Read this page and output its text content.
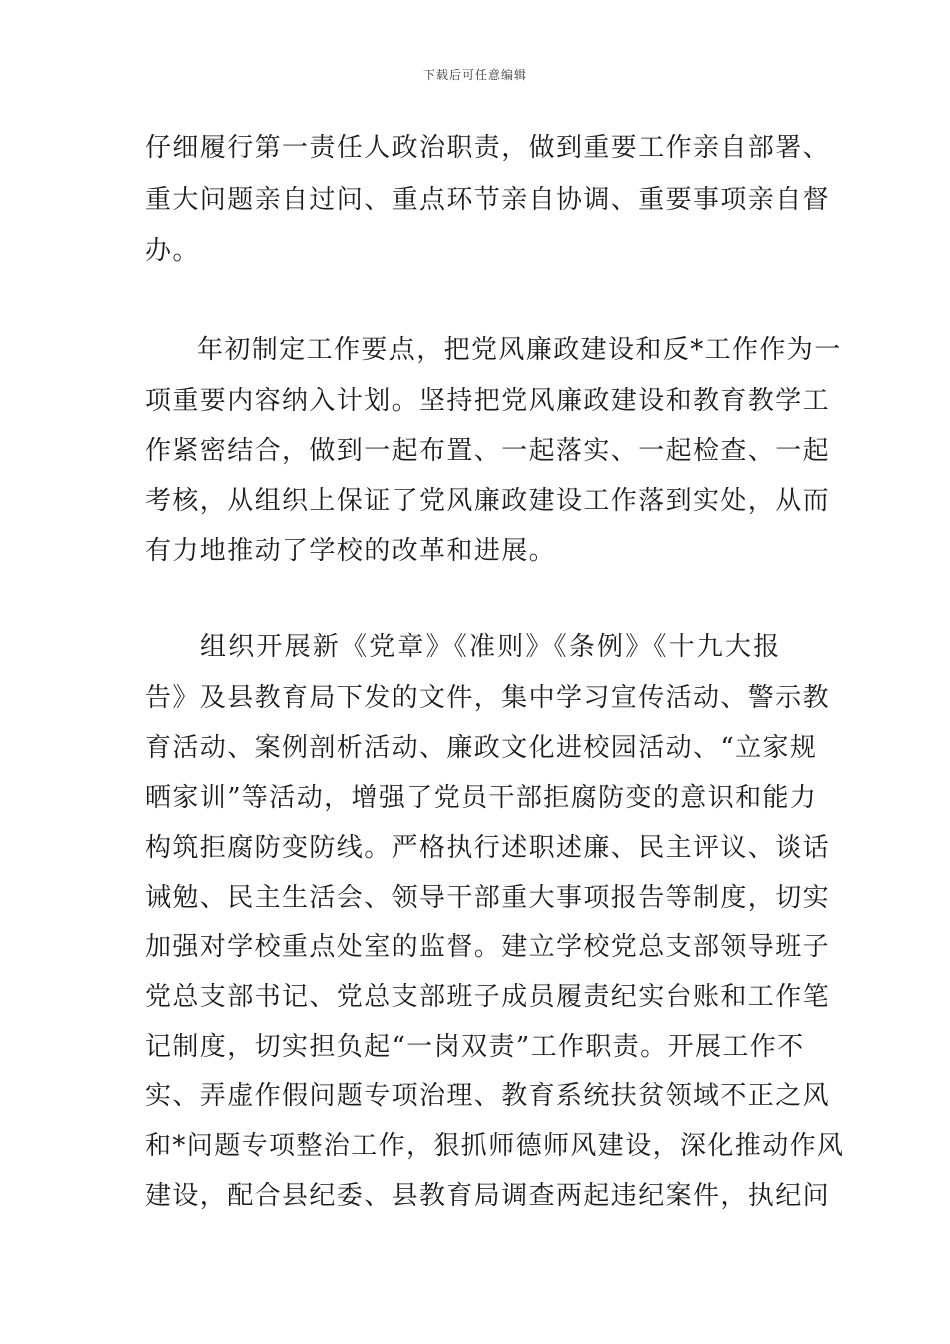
下载后可任意编辑
仔细履行第一责任人政治职责，做到重要工作亲自部署、
重大问题亲自过问、重点环节亲自协调、重要事项亲自督
办。
年初制定工作要点，把党风廉政建设和反*工作作为一
项重要内容纳入计划。坚持把党风廉政建设和教育教学工
作紧密结合，做到一起布置、一起落实、一起检查、一起
考核，从组织上保证了党风廉政建设工作落到实处，从而
有力地推动了学校的改革和进展。
组织开展新《党章》《准则》《条例》《十九大报
告》及县教育局下发的文件，集中学习宣传活动、警示教
育活动、案例剖析活动、廉政文化进校园活动、“立家规
晒家训”等活动，增强了党员干部拒腐防变的意识和能力
构筑拒腐防变防线。严格执行述职述廉、民主评议、谈话
诫勉、民主生活会、领导干部重大事项报告等制度，切实
加强对学校重点处室的监督。建立学校党总支部领导班子
党总支部书记、党总支部班子成员履责纪实台账和工作笔
记制度，切实担负起“一岗双责”工作职责。开展工作不
实、弄虚作假问题专项治理、教育系统扶贫领域不正之风
和*问题专项整治工作，狠抓师德师风建设，深化推动作风
建设，配合县纪委、县教育局调查两起违纪案件，执纪问
